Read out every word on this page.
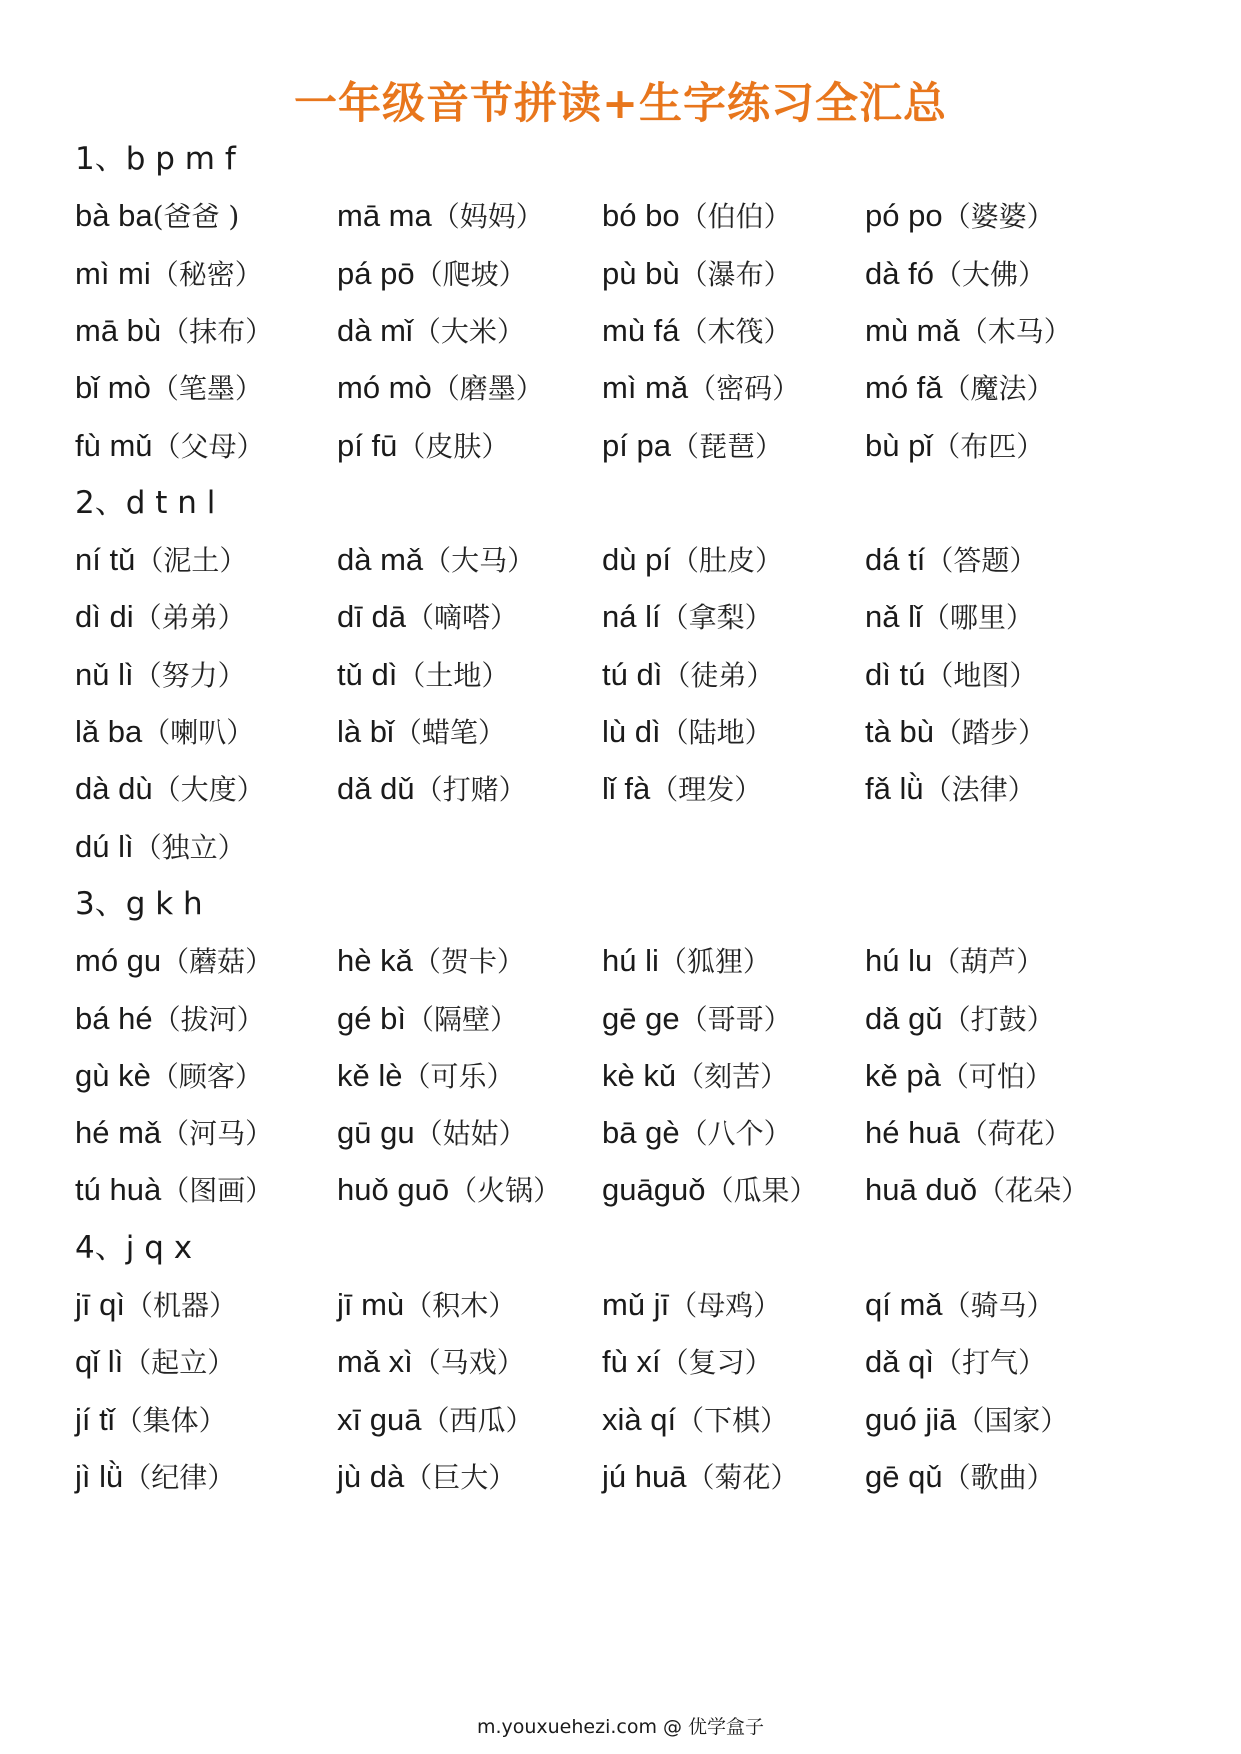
一年级音节拼读+生字练习全汇总
1、b p m f
bà ba(爸爸 )	mā ma（妈妈） bó bo（伯伯） pó po（婆婆）
mì mi（秘密） pá pō（爬坡） pù bù（瀑布） dà fó（大佛）
mā bù（抹布） dà mǐ（大米） mù fá（木筏） mù mǎ（木马）
bǐ mò（笔墨） mó mò（磨墨） mì mǎ（密码） mó fǎ（魔法）
fù mǔ（父母） pí fū（皮肤）	pí pa（琵琶）	bù pǐ（布匹）
2、d t n l
ní tǔ（泥土）	dà mǎ（大马） dù pí（肚皮）	dá tí（答题）
dì di（弟弟）	dī dā（嘀嗒）	ná lí（拿梨）	nǎ lǐ（哪里）
nǔ lì（努力）	tǔ dì（土地）	tú dì（徒弟）	dì tú（地图）
lǎ ba（喇叭）	là bǐ（蜡笔）	lù dì（陆地）	tà bù（踏步）
dà dù（大度） dǎ dǔ（打赌） lǐ fà（理发）	fǎ lǜ（法律）
dú lì（独立）
3、g k h
mó gu（蘑菇） hè kǎ（贺卡） hú li（狐狸）	hú lu（葫芦）
bá hé（拔河） gé bì（隔壁）	gē ge（哥哥） dǎ gǔ（打鼓）
gù kè（顾客） kě lè（可乐）	kè kǔ（刻苦） kě pà（可怕）
hé mǎ（河马） gū gu（姑姑） bā gè（八个） hé huā（荷花）
tú huà（图画） huǒ guō（火锅） guāguǒ（瓜果） huā duǒ（花朵）
4、j q x
jī qì（机器）	jī mù（积木）	mǔ jī（母鸡）	qí mǎ（骑马）
qǐ lì（起立）	mǎ xì（马戏） fù xí（复习）	dǎ qì（打气）
jí tǐ（集体）	xī guā（西瓜） xià qí（下棋） guó jiā（国家）
jì lǜ（纪律）	jù dà（巨大）	jú huā（菊花） gē qǔ（歌曲）
m.youxuehezi.com @ 优学盒子
